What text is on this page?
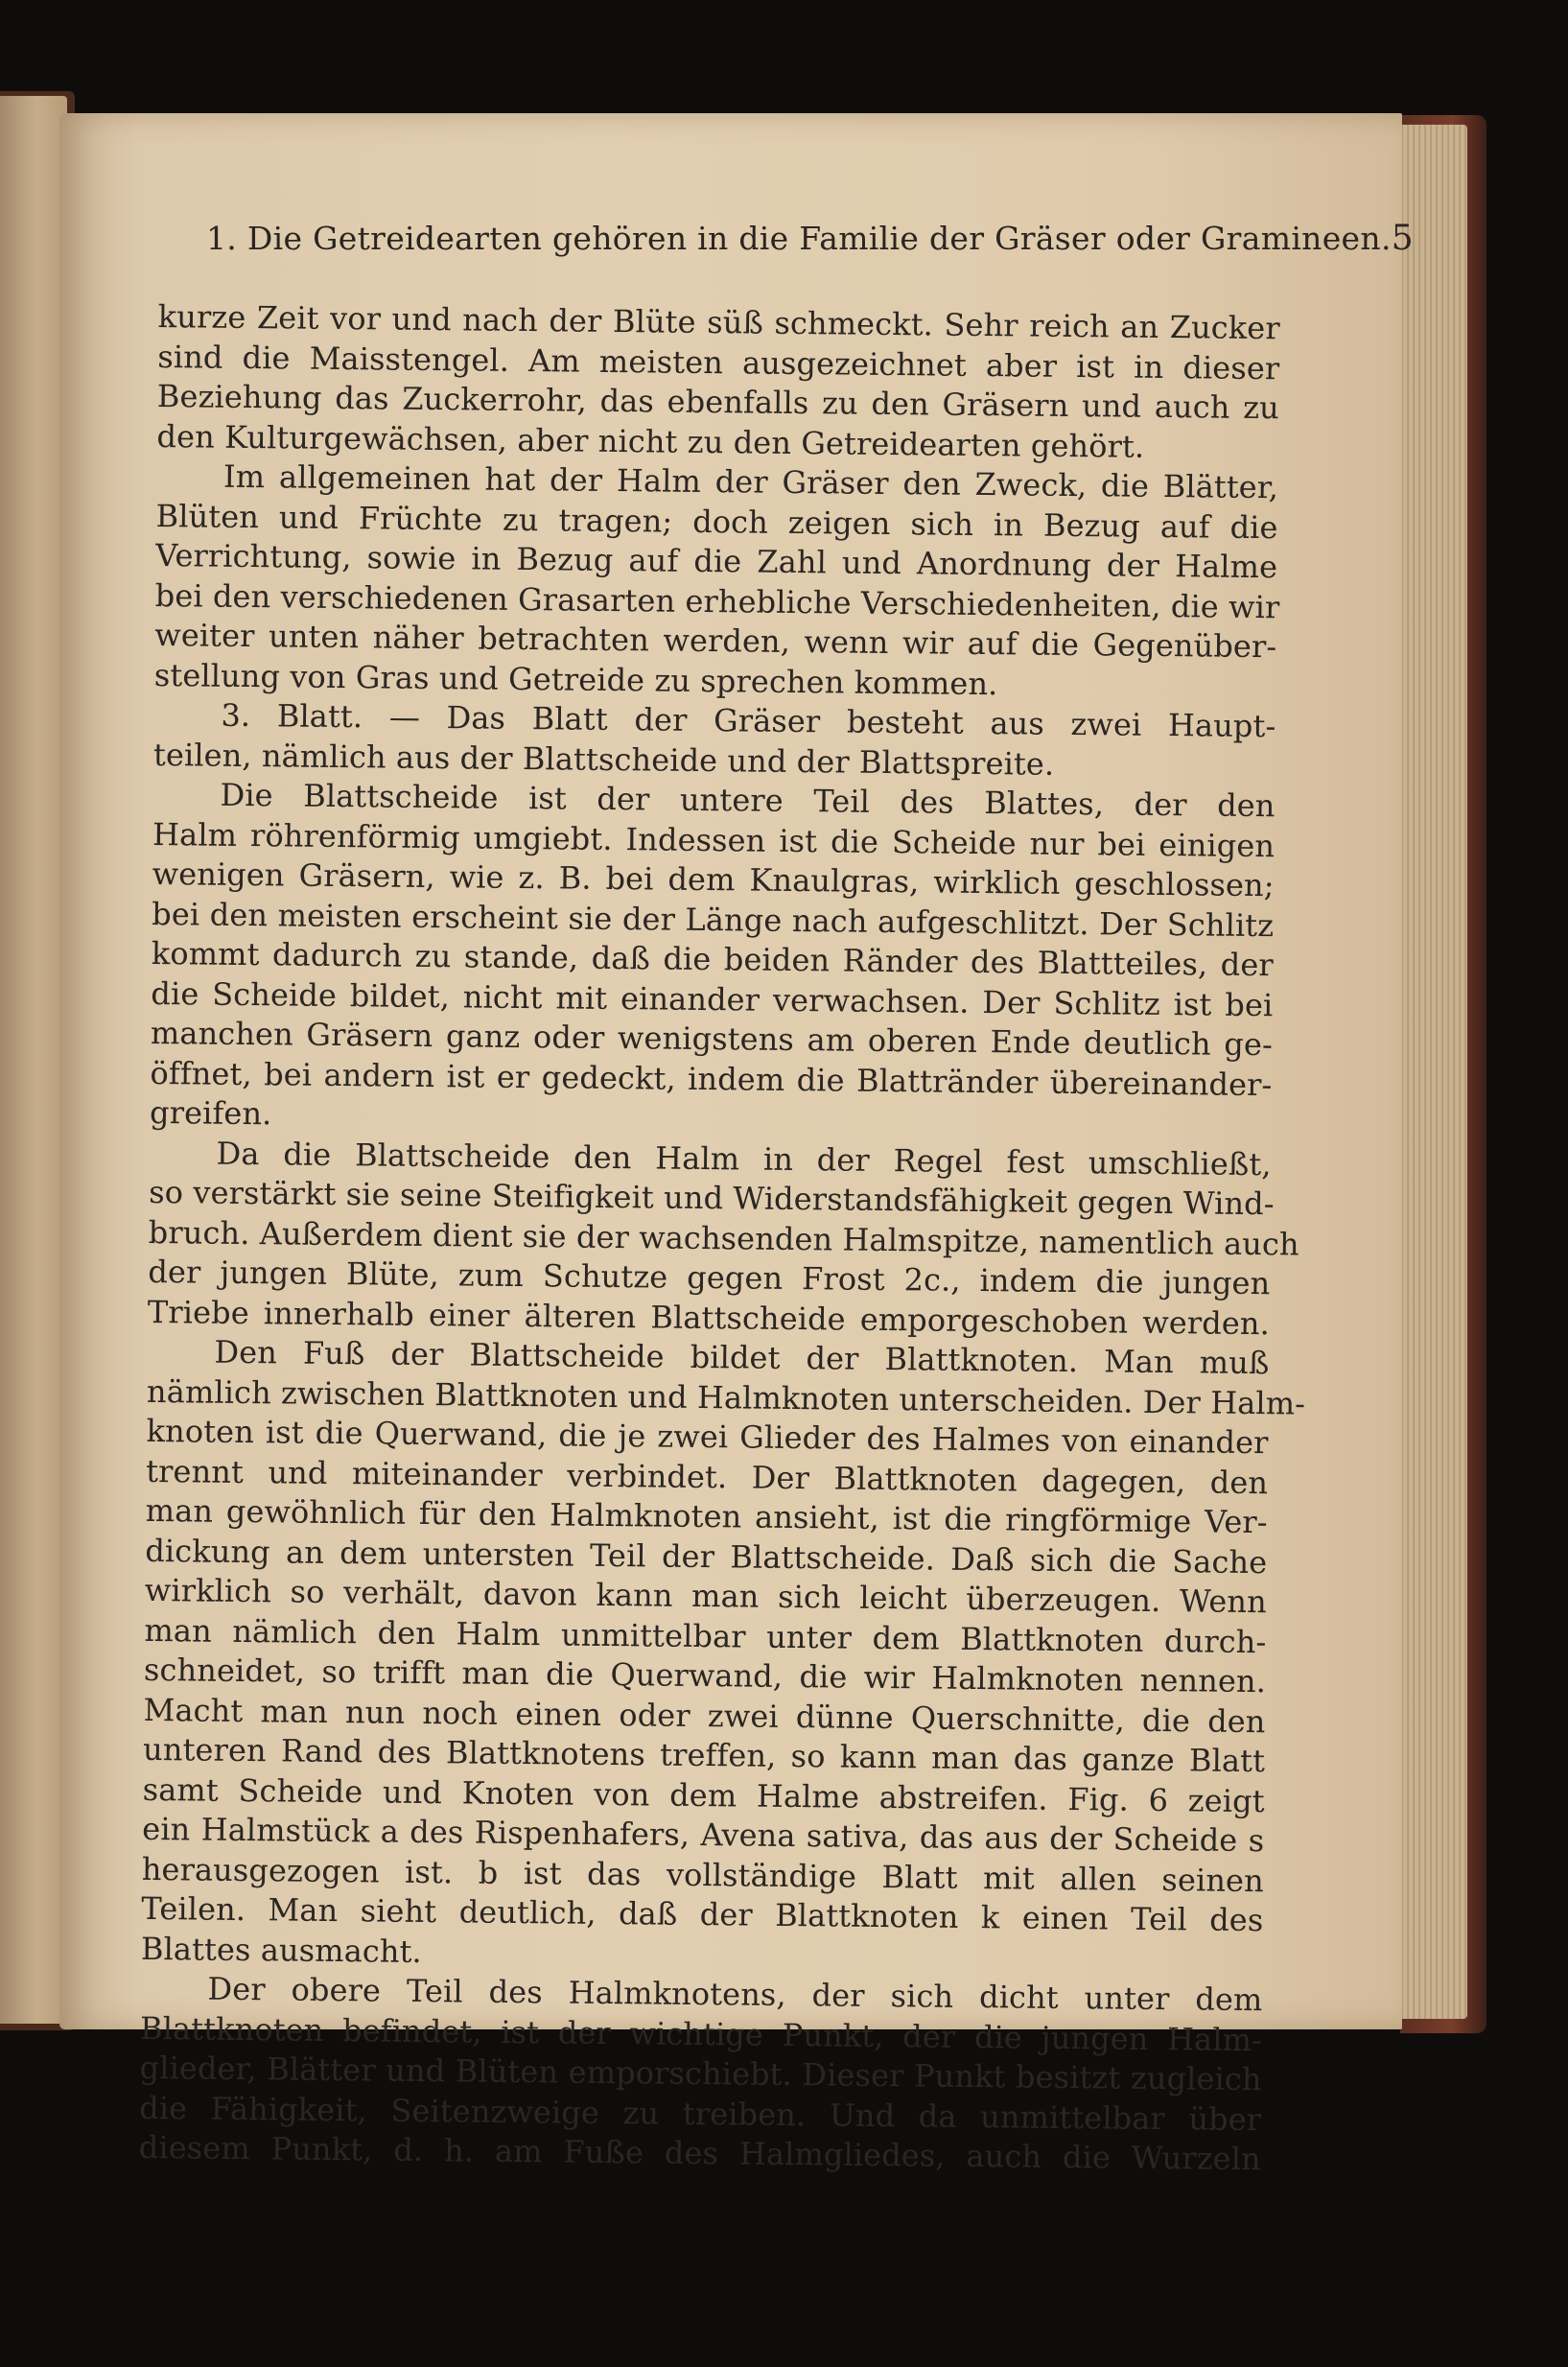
1. Die Getreidearten gehören in die Familie der Gräser oder Gramineen. 5
kurze Zeit vor und nach der Blüte süß schmeckt. Sehr reich an Zucker
sind die Maisstengel. Am meisten ausgezeichnet aber ist in dieser
Beziehung das Zuckerrohr, das ebenfalls zu den Gräsern und auch zu
den Kulturgewächsen, aber nicht zu den Getreidearten gehört.
Im allgemeinen hat der Halm der Gräser den Zweck, die Blätter,
Blüten und Früchte zu tragen; doch zeigen sich in Bezug auf die
Verrichtung, sowie in Bezug auf die Zahl und Anordnung der Halme
bei den verschiedenen Grasarten erhebliche Verschiedenheiten, die wir
weiter unten näher betrachten werden, wenn wir auf die Gegenüber-
stellung von Gras und Getreide zu sprechen kommen.
3. Blatt. — Das Blatt der Gräser besteht aus zwei Haupt-
teilen, nämlich aus der Blattscheide und der Blattspreite.
Die Blattscheide ist der untere Teil des Blattes, der den
Halm röhrenförmig umgiebt. Indessen ist die Scheide nur bei einigen
wenigen Gräsern, wie z. B. bei dem Knaulgras, wirklich geschlossen;
bei den meisten erscheint sie der Länge nach aufgeschlitzt. Der Schlitz
kommt dadurch zu stande, daß die beiden Ränder des Blattteiles, der
die Scheide bildet, nicht mit einander verwachsen. Der Schlitz ist bei
manchen Gräsern ganz oder wenigstens am oberen Ende deutlich ge-
öffnet, bei andern ist er gedeckt, indem die Blattränder übereinander-
greifen.
Da die Blattscheide den Halm in der Regel fest umschließt,
so verstärkt sie seine Steifigkeit und Widerstandsfähigkeit gegen Wind-
bruch. Außerdem dient sie der wachsenden Halmspitze, namentlich auch
der jungen Blüte, zum Schutze gegen Frost 2c., indem die jungen
Triebe innerhalb einer älteren Blattscheide emporgeschoben werden.
Den Fuß der Blattscheide bildet der Blattknoten. Man muß
nämlich zwischen Blattknoten und Halmknoten unterscheiden. Der Halm-
knoten ist die Querwand, die je zwei Glieder des Halmes von einander
trennt und miteinander verbindet. Der Blattknoten dagegen, den
man gewöhnlich für den Halmknoten ansieht, ist die ringförmige Ver-
dickung an dem untersten Teil der Blattscheide. Daß sich die Sache
wirklich so verhält, davon kann man sich leicht überzeugen. Wenn
man nämlich den Halm unmittelbar unter dem Blattknoten durch-
schneidet, so trifft man die Querwand, die wir Halmknoten nennen.
Macht man nun noch einen oder zwei dünne Querschnitte, die den
unteren Rand des Blattknotens treffen, so kann man das ganze Blatt
samt Scheide und Knoten von dem Halme abstreifen. Fig. 6 zeigt
ein Halmstück a des Rispenhafers, Avena sativa, das aus der Scheide s
herausgezogen ist. b ist das vollständige Blatt mit allen seinen
Teilen. Man sieht deutlich, daß der Blattknoten k einen Teil des
Blattes ausmacht.
Der obere Teil des Halmknotens, der sich dicht unter dem
Blattknoten befindet, ist der wichtige Punkt, der die jungen Halm-
glieder, Blätter und Blüten emporschiebt. Dieser Punkt besitzt zugleich
die Fähigkeit, Seitenzweige zu treiben. Und da unmittelbar über
diesem Punkt, d. h. am Fuße des Halmgliedes, auch die Wurzeln
